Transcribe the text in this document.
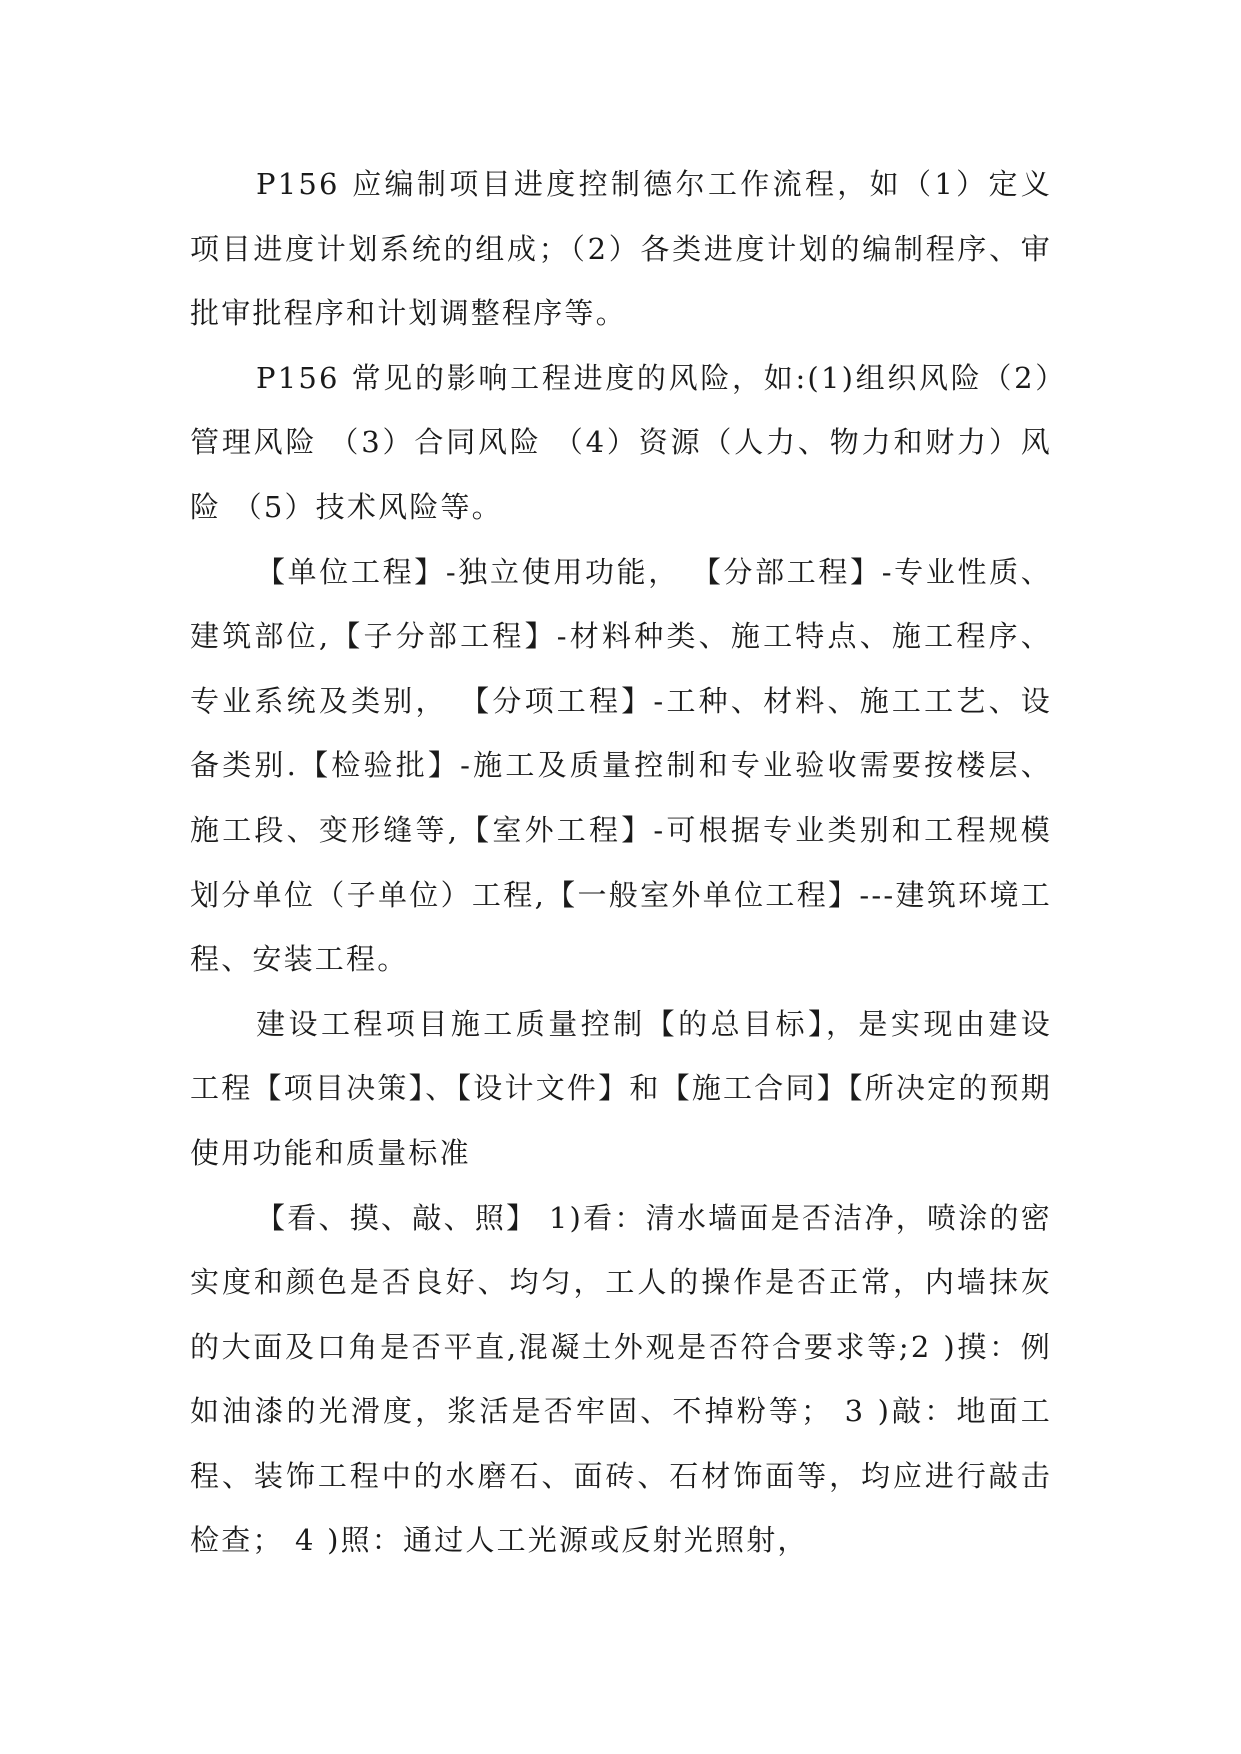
P156 应编制项目进度控制德尔工作流程，如（1）定义项目进度计划系统的组成；（2）各类进度计划的编制程序、审批审批程序和计划调整程序等。

P156 常见的影响工程进度的风险，如:(1)组织风险（2）管理风险 （3）合同风险 （4）资源（人力、物力和财力）风险 （5）技术风险等。

【单位工程】-独立使用功能， 【分部工程】-专业性质、建筑部位,【子分部工程】-材料种类、施工特点、施工程序、专业系统及类别， 【分项工程】-工种、材料、施工工艺、设备类别.【检验批】-施工及质量控制和专业验收需要按楼层、施工段、变形缝等,【室外工程】-可根据专业类别和工程规模划分单位（子单位）工程,【一般室外单位工程】---建筑环境工程、安装工程。

建设工程项目施工质量控制【的总目标】，是实现由建设工程【项目决策】、【设计文件】和【施工合同】【所决定的预期使用功能和质量标准

【看、摸、敲、照】 1)看：清水墙面是否洁净，喷涂的密实度和颜色是否良好、均匀，工人的操作是否正常，内墙抹灰的大面及口角是否平直,混凝土外观是否符合要求等;2 )摸：例如油漆的光滑度，浆活是否牢固、不掉粉等； 3 )敲：地面工程、装饰工程中的水磨石、面砖、石材饰面等，均应进行敲击检查； 4 )照：通过人工光源或反射光照射，
